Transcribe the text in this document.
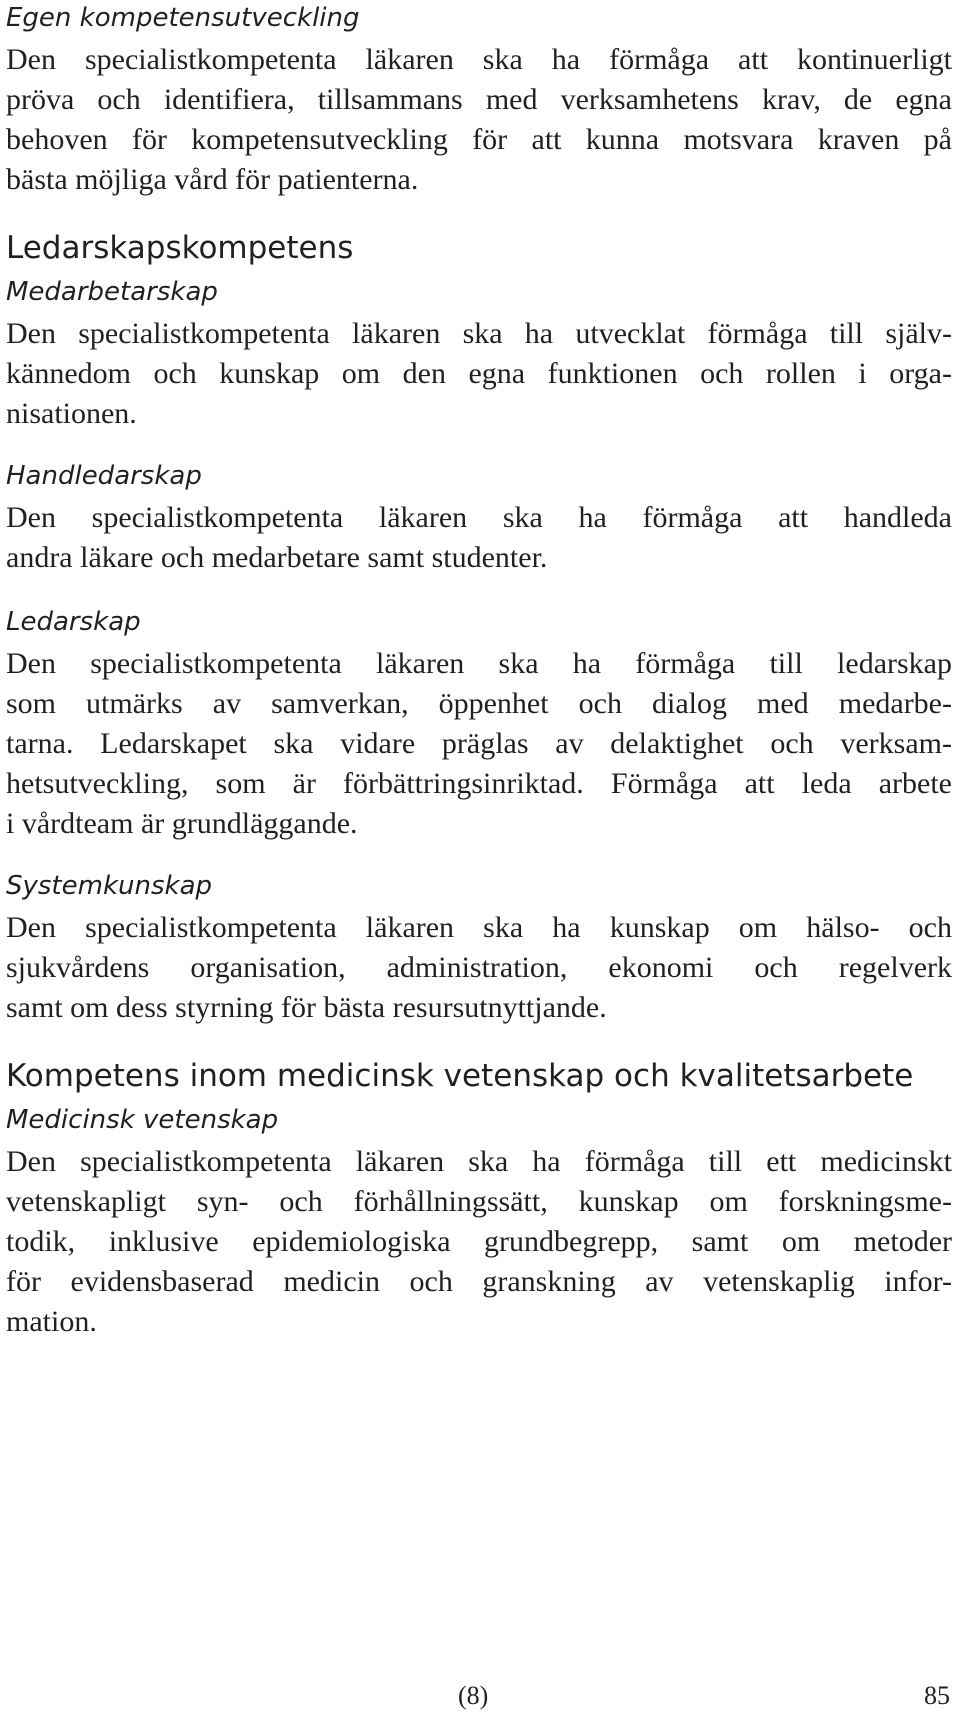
Egen kompetensutveckling
Den specialistkompetenta läkaren ska ha förmåga att kontinuerligt
pröva och identifiera, tillsammans med verksamhetens krav, de egna
behoven för kompetensutveckling för att kunna motsvara kraven på
bästa möjliga vård för patienterna.
Ledarskapskompetens
Medarbetarskap
Den specialistkompetenta läkaren ska ha utvecklat förmåga till själv-
kännedom och kunskap om den egna funktionen och rollen i orga-
nisationen.
Handledarskap
Den specialistkompetenta läkaren ska ha förmåga att handleda
andra läkare och medarbetare samt studenter.
Ledarskap
Den specialistkompetenta läkaren ska ha förmåga till ledarskap
som utmärks av samverkan, öppenhet och dialog med medarbe-
tarna. Ledarskapet ska vidare präglas av delaktighet och verksam-
hetsutveckling, som är förbättringsinriktad. Förmåga att leda arbete
i vårdteam är grundläggande.
Systemkunskap
Den specialistkompetenta läkaren ska ha kunskap om hälso- och
sjukvårdens organisation, administration, ekonomi och regelverk
samt om dess styrning för bästa resursutnyttjande.
Kompetens inom medicinsk vetenskap och kvalitetsarbete
Medicinsk vetenskap
Den specialistkompetenta läkaren ska ha förmåga till ett medicinskt
vetenskapligt syn- och förhållningssätt, kunskap om forskningsme-
todik, inklusive epidemiologiska grundbegrepp, samt om metoder
för evidensbaserad medicin och granskning av vetenskaplig infor-
mation.
(8)	85
